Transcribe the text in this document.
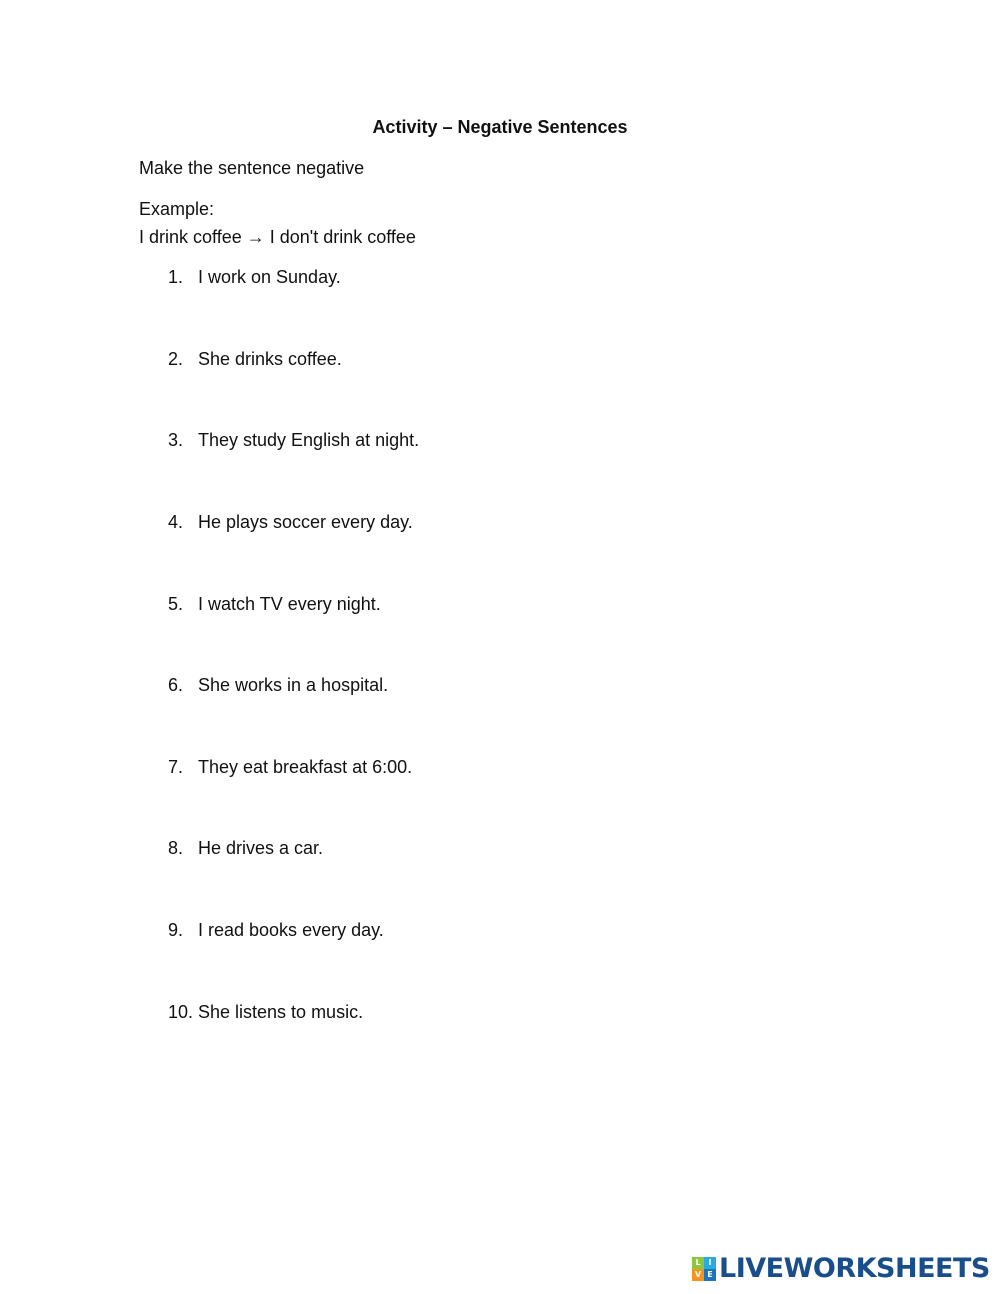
Activity – Negative Sentences

Make the sentence negative

Example:

I drink coffee → I don't drink coffee

1. I work on Sunday.
2. She drinks coffee.
3. They study English at night.
4. He plays soccer every day.
5. I watch TV every night.
6. She works in a hospital.
7. They eat breakfast at 6:00.
8. He drives a car.
9. I read books every day.
10. She listens to music.
L I
V E LIVEWORKSHEETS
